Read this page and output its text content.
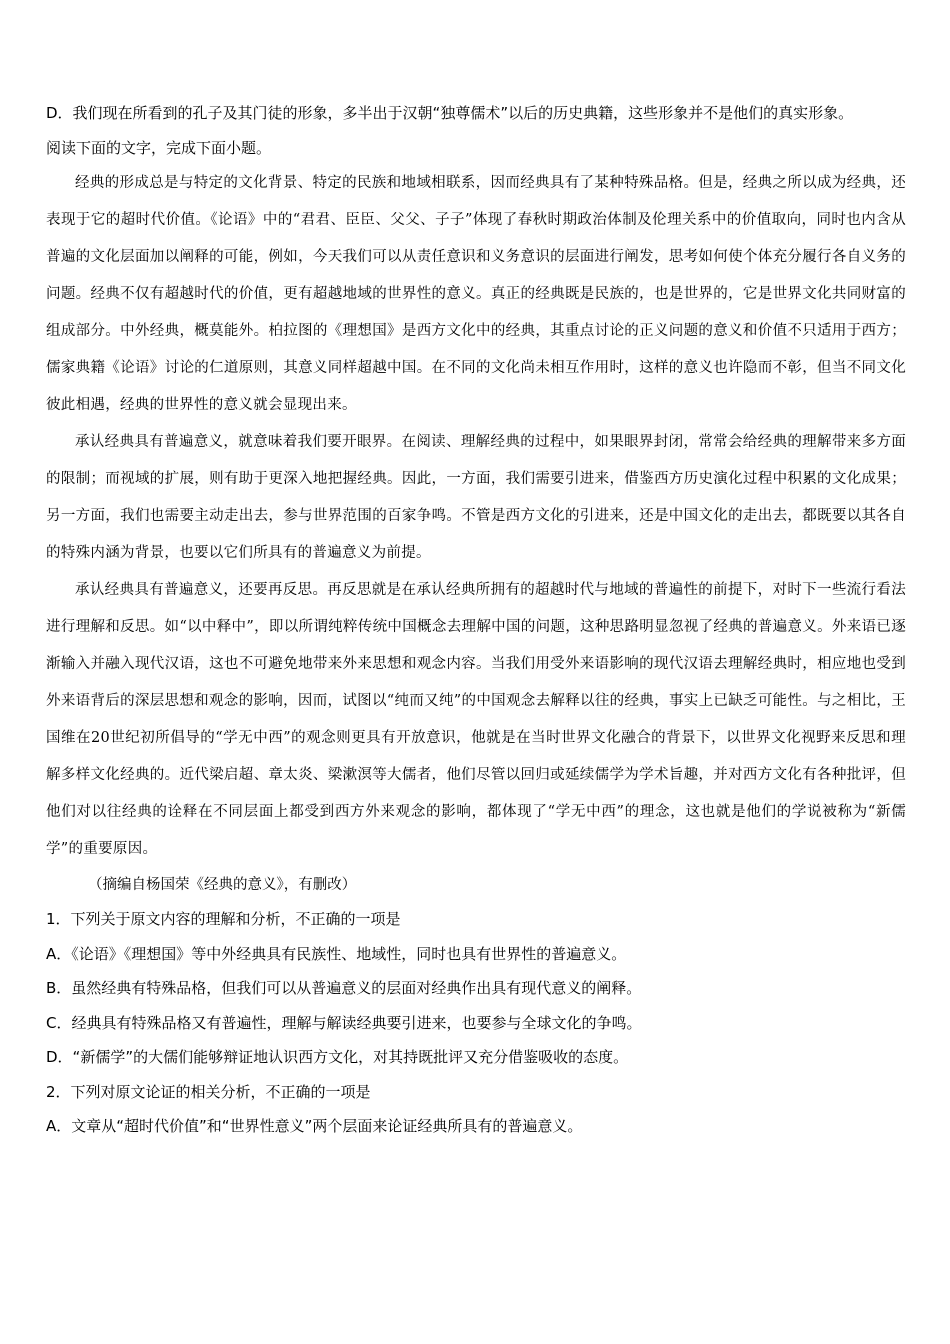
D．我们现在所看到的孔子及其门徒的形象，多半出于汉朝“独尊儒术”以后的历史典籍，这些形象并不是他们的真实形象。

阅读下面的文字，完成下面小题。

经典的形成总是与特定的文化背景、特定的民族和地域相联系，因而经典具有了某种特殊品格。但是，经典之所以成为经典，还表现于它的超时代价值。《论语》中的“君君、臣臣、父父、子子”体现了春秋时期政治体制及伦理关系中的价值取向，同时也内含从普遍的文化层面加以阐释的可能，例如，今天我们可以从责任意识和义务意识的层面进行阐发，思考如何使个体充分履行各自义务的问题。经典不仅有超越时代的价值，更有超越地域的世界性的意义。真正的经典既是民族的，也是世界的，它是世界文化共同财富的组成部分。中外经典，概莫能外。柏拉图的《理想国》是西方文化中的经典，其重点讨论的正义问题的意义和价值不只适用于西方；儒家典籍《论语》讨论的仁道原则，其意义同样超越中国。在不同的文化尚未相互作用时，这样的意义也许隐而不彰，但当不同文化彼此相遇，经典的世界性的意义就会显现出来。

承认经典具有普遍意义，就意味着我们要开眼界。在阅读、理解经典的过程中，如果眼界封闭，常常会给经典的理解带来多方面的限制；而视域的扩展，则有助于更深入地把握经典。因此，一方面，我们需要引进来，借鉴西方历史演化过程中积累的文化成果；另一方面，我们也需要主动走出去，参与世界范围的百家争鸣。不管是西方文化的引进来，还是中国文化的走出去，都既要以其各自的特殊内涵为背景，也要以它们所具有的普遍意义为前提。

承认经典具有普遍意义，还要再反思。再反思就是在承认经典所拥有的超越时代与地域的普遍性的前提下，对时下一些流行看法进行理解和反思。如“以中释中”，即以所谓纯粹传统中国概念去理解中国的问题，这种思路明显忽视了经典的普遍意义。外来语已逐渐输入并融入现代汉语，这也不可避免地带来外来思想和观念内容。当我们用受外来语影响的现代汉语去理解经典时，相应地也受到外来语背后的深层思想和观念的影响，因而，试图以“纯而又纯”的中国观念去解释以往的经典，事实上已缺乏可能性。与之相比，王国维在20世纪初所倡导的“学无中西”的观念则更具有开放意识，他就是在当时世界文化融合的背景下，以世界文化视野来反思和理解多样文化经典的。近代梁启超、章太炎、梁漱溟等大儒者，他们尽管以回归或延续儒学为学术旨趣，并对西方文化有各种批评，但他们对以往经典的诠释在不同层面上都受到西方外来观念的影响，都体现了“学无中西”的理念，这也就是他们的学说被称为“新儒学”的重要原因。

（摘编自杨国荣《经典的意义》，有删改）

1．下列关于原文内容的理解和分析，不正确的一项是

A．《论语》《理想国》等中外经典具有民族性、地域性，同时也具有世界性的普遍意义。
B．虽然经典有特殊品格，但我们可以从普遍意义的层面对经典作出具有现代意义的阐释。
C．经典具有特殊品格又有普遍性，理解与解读经典要引进来，也要参与全球文化的争鸣。
D．“新儒学”的大儒们能够辩证地认识西方文化，对其持既批评又充分借鉴吸收的态度。

2．下列对原文论证的相关分析，不正确的一项是

A．文章从“超时代价值”和“世界性意义”两个层面来论证经典所具有的普遍意义。
